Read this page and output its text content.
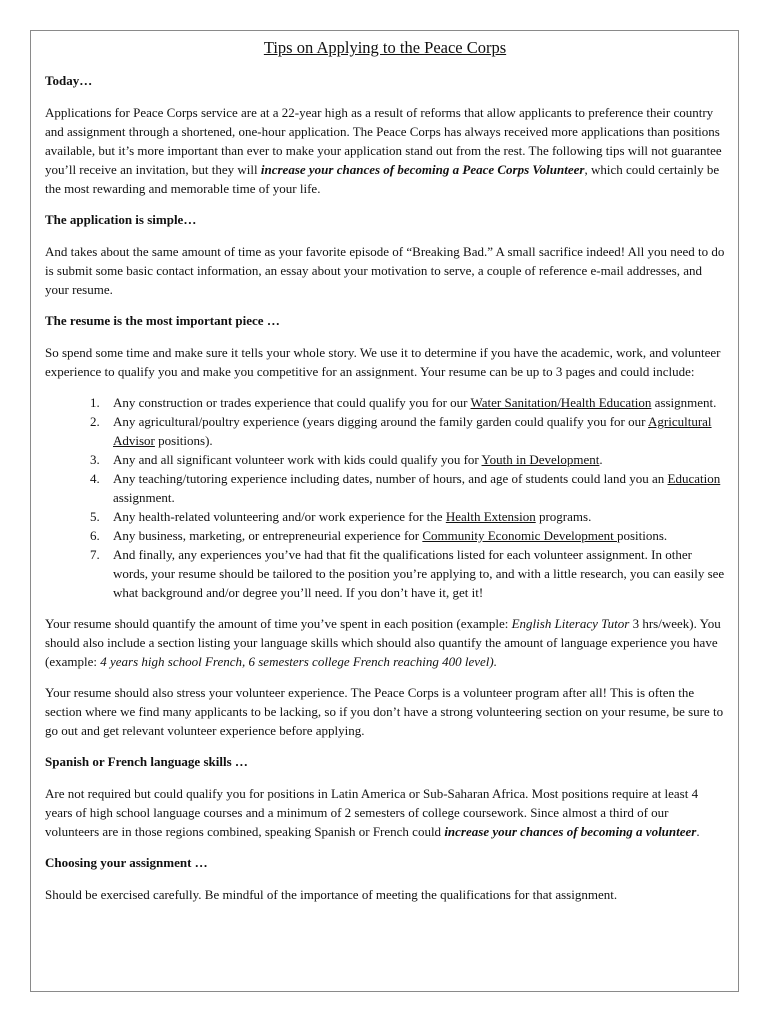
Tips on Applying to the Peace Corps
Today…

Applications for Peace Corps service are at a 22-year high as a result of reforms that allow applicants to preference their country and assignment through a shortened, one-hour application. The Peace Corps has always received more applications than positions available, but it’s more important than ever to make your application stand out from the rest. The following tips will not guarantee you’ll receive an invitation, but they will increase your chances of becoming a Peace Corps Volunteer, which could certainly be the most rewarding and memorable time of your life.

The application is simple…

And takes about the same amount of time as your favorite episode of “Breaking Bad.” A small sacrifice indeed! All you need to do is submit some basic contact information, an essay about your motivation to serve, a couple of reference e-mail addresses, and your resume.

The resume is the most important piece …

So spend some time and make sure it tells your whole story. We use it to determine if you have the academic, work, and volunteer experience to qualify you and make you competitive for an assignment. Your resume can be up to 3 pages and could include:

1. Any construction or trades experience that could qualify you for our Water Sanitation/Health Education assignment.
2. Any agricultural/poultry experience (years digging around the family garden could qualify you for our Agricultural Advisor positions).
3. Any and all significant volunteer work with kids could qualify you for Youth in Development.
4. Any teaching/tutoring experience including dates, number of hours, and age of students could land you an Education assignment.
5. Any health-related volunteering and/or work experience for the Health Extension programs.
6. Any business, marketing, or entrepreneurial experience for Community Economic Development positions.
7. And finally, any experiences you’ve had that fit the qualifications listed for each volunteer assignment. In other words, your resume should be tailored to the position you’re applying to, and with a little research, you can easily see what background and/or degree you’ll need. If you don’t have it, get it!

Your resume should quantify the amount of time you’ve spent in each position (example: English Literacy Tutor 3 hrs/week). You should also include a section listing your language skills which should also quantify the amount of language experience you have (example: 4 years high school French, 6 semesters college French reaching 400 level).

Your resume should also stress your volunteer experience. The Peace Corps is a volunteer program after all! This is often the section where we find many applicants to be lacking, so if you don’t have a strong volunteering section on your resume, be sure to go out and get relevant volunteer experience before applying.

Spanish or French language skills …

Are not required but could qualify you for positions in Latin America or Sub-Saharan Africa. Most positions require at least 4 years of high school language courses and a minimum of 2 semesters of college coursework. Since almost a third of our volunteers are in those regions combined, speaking Spanish or French could increase your chances of becoming a volunteer.

Choosing your assignment …

Should be exercised carefully. Be mindful of the importance of meeting the qualifications for that assignment.
